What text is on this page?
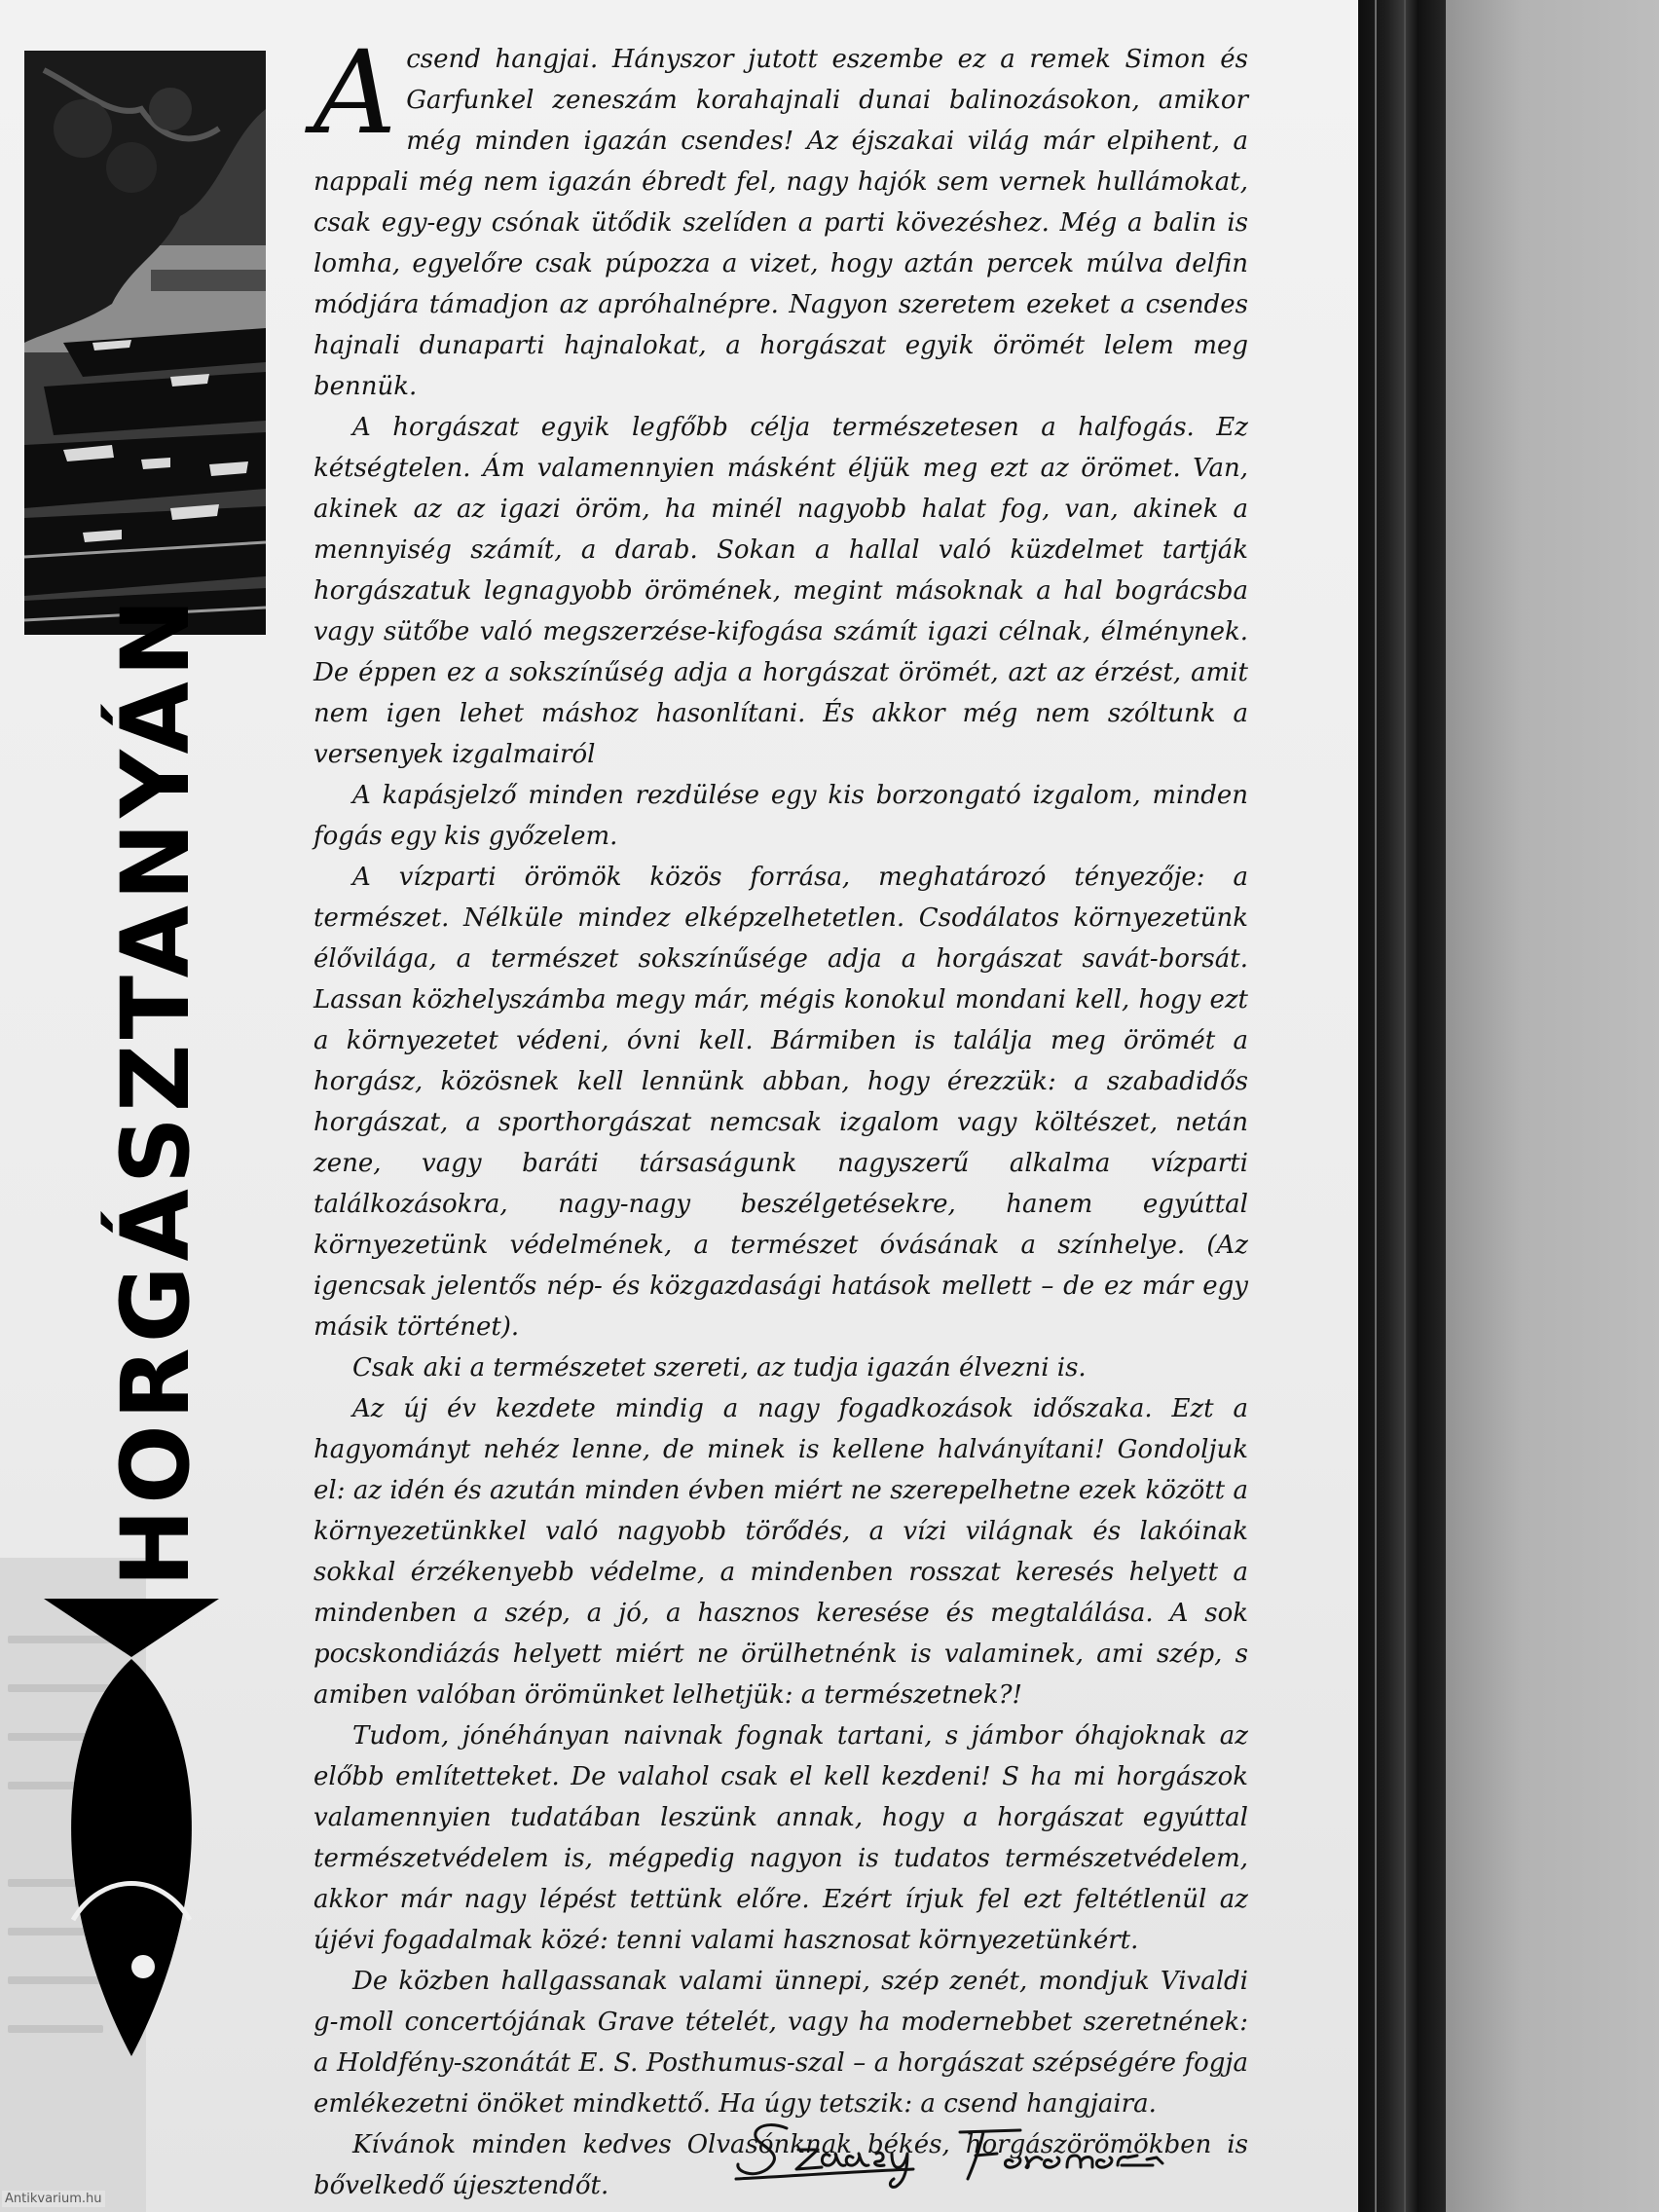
HORGÁSZTANYÁN

Acsend hangjai. Hányszor jutott eszembe ez a remek Simon és Garfunkel zeneszám korahajnali dunai balinozásokon, amikor még minden igazán csendes! Az éjszakai világ már elpihent, a nappali még nem igazán ébredt fel, nagy hajók sem vernek hullámokat, csak egy-egy csónak ütődik szelíden a parti kövezéshez. Még a balin is lomha, egyelőre csak púpozza a vizet, hogy aztán percek múlva delfin módjára támadjon az apróhalnépre. Nagyon szeretem ezeket a csendes hajnali dunaparti hajnalokat, a horgászat egyik örömét lelem meg bennük.

A horgászat egyik legfőbb célja természetesen a halfogás. Ez kétségtelen. Ám valamennyien másként éljük meg ezt az örömet. Van, akinek az az igazi öröm, ha minél nagyobb halat fog, van, akinek a mennyiség számít, a darab. Sokan a hallal való küzdelmet tartják horgászatuk legnagyobb örömének, megint másoknak a hal bográcsba vagy sütőbe való megszerzése-kifogása számít igazi célnak, élménynek. De éppen ez a sokszínűség adja a horgászat örömét, azt az érzést, amit nem igen lehet máshoz hasonlítani. És akkor még nem szóltunk a versenyek izgalmairól

A kapásjelző minden rezdülése egy kis borzongató izgalom, minden fogás egy kis győzelem.

A vízparti örömök közös forrása, meghatározó tényezője: a természet. Nélküle mindez elképzelhetetlen. Csodálatos környezetünk élővilága, a természet sokszínűsége adja a horgászat savát-borsát. Lassan közhelyszámba megy már, mégis konokul mondani kell, hogy ezt a környezetet védeni, óvni kell. Bármiben is találja meg örömét a horgász, közösnek kell lennünk abban, hogy érezzük: a szabadidős horgászat, a sporthorgászat nemcsak izgalom vagy költészet, netán zene, vagy baráti társaságunk nagyszerű alkalma vízparti találkozásokra, nagy-nagy beszélgetésekre, hanem egyúttal környezetünk védelmének, a természet óvásának a színhelye. (Az igencsak jelentős nép- és közgazdasági hatások mellett – de ez már egy másik történet).

Csak aki a természetet szereti, az tudja igazán élvezni is.

Az új év kezdete mindig a nagy fogadkozások időszaka. Ezt a hagyományt nehéz lenne, de minek is kellene halványítani! Gondoljuk el: az idén és azután minden évben miért ne szerepelhetne ezek között a környezetünkkel való nagyobb törődés, a vízi világnak és lakóinak sokkal érzékenyebb védelme, a mindenben rosszat keresés helyett a mindenben a szép, a jó, a hasznos keresése és megtalálása. A sok pocskondiázás helyett miért ne örülhetnénk is valaminek, ami szép, s amiben valóban örömünket lelhetjük: a természetnek?!

Tudom, jónéhányan naivnak fognak tartani, s jámbor óhajoknak az előbb említetteket. De valahol csak el kell kezdeni! S ha mi horgászok valamennyien tudatában leszünk annak, hogy a horgászat egyúttal természetvédelem is, mégpedig nagyon is tudatos természetvédelem, akkor már nagy lépést tettünk előre. Ezért írjuk fel ezt feltétlenül az újévi fogadalmak közé: tenni valami hasznosat környezetünkért.

De közben hallgassanak valami ünnepi, szép zenét, mondjuk Vivaldi g-moll concertójának Grave tételét, vagy ha modernebbet szeretnének: a Holdfény-szonátát E. S. Posthumus-szal – a horgászat szépségére fogja emlékezetni önöket mindkettő. Ha úgy tetszik: a csend hangjaira.

Kívánok minden kedves Olvasónknak békés, horgászörömökben is bővelkedő újesztendőt.

Antikvarium.hu
